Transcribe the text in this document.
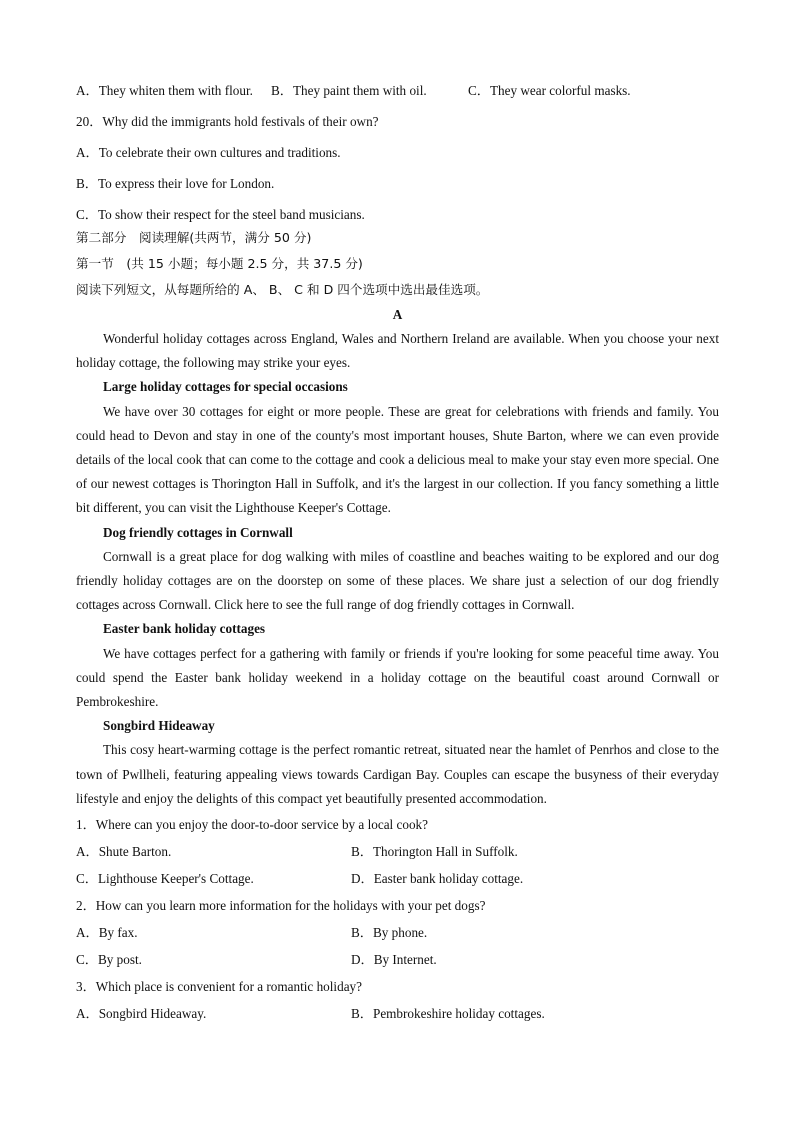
A．They whiten them with flour.	B．They paint them with oil.	C．They wear colorful masks.

20．Why did the immigrants hold festivals of their own?

A．To celebrate their own cultures and traditions.

B．To express their love for London.

C．To show their respect for the steel band musicians.

第二部分　阅读理解(共两节，满分 50 分)

第一节　(共 15 小题；每小题 2.5 分，共 37.5 分)

阅读下列短文，从每题所给的 A、 B、 C 和 D 四个选项中选出最佳选项。

A

Wonderful holiday cottages across England, Wales and Northern Ireland are available. When you choose your next holiday cottage, the following may strike your eyes.

Large holiday cottages for special occasions

We have over 30 cottages for eight or more people. These are great for celebrations with friends and family. You could head to Devon and stay in one of the county's most important houses, Shute Barton, where we can even provide details of the local cook that can come to the cottage and cook a delicious meal to make your stay even more special. One of our newest cottages is Thorington Hall in Suffolk, and it's the largest in our collection. If you fancy something a little bit different, you can visit the Lighthouse Keeper's Cottage.

Dog friendly cottages in Cornwall

Cornwall is a great place for dog walking with miles of coastline and beaches waiting to be explored and our dog friendly holiday cottages are on the doorstep on some of these places. We share just a selection of our dog friendly cottages across Cornwall. Click here to see the full range of dog friendly cottages in Cornwall.

Easter bank holiday cottages

We have cottages perfect for a gathering with family or friends if you're looking for some peaceful time away. You could spend the Easter bank holiday weekend in a holiday cottage on the beautiful coast around Cornwall or Pembrokeshire.

Songbird Hideaway

This cosy heart-warming cottage is the perfect romantic retreat, situated near the hamlet of Penrhos and close to the town of Pwllheli, featuring appealing views towards Cardigan Bay. Couples can escape the busyness of their everyday lifestyle and enjoy the delights of this compact yet beautifully presented accommodation.

1．Where can you enjoy the door-to-door service by a local cook?

A．Shute Barton.	B．Thorington Hall in Suffolk.
C．Lighthouse Keeper's Cottage.	D．Easter bank holiday cottage.

2．How can you learn more information for the holidays with your pet dogs?

A．By fax.	B．By phone.
C．By post.	D．By Internet.

3．Which place is convenient for a romantic holiday?

A．Songbird Hideaway.	B．Pembrokeshire holiday cottages.
